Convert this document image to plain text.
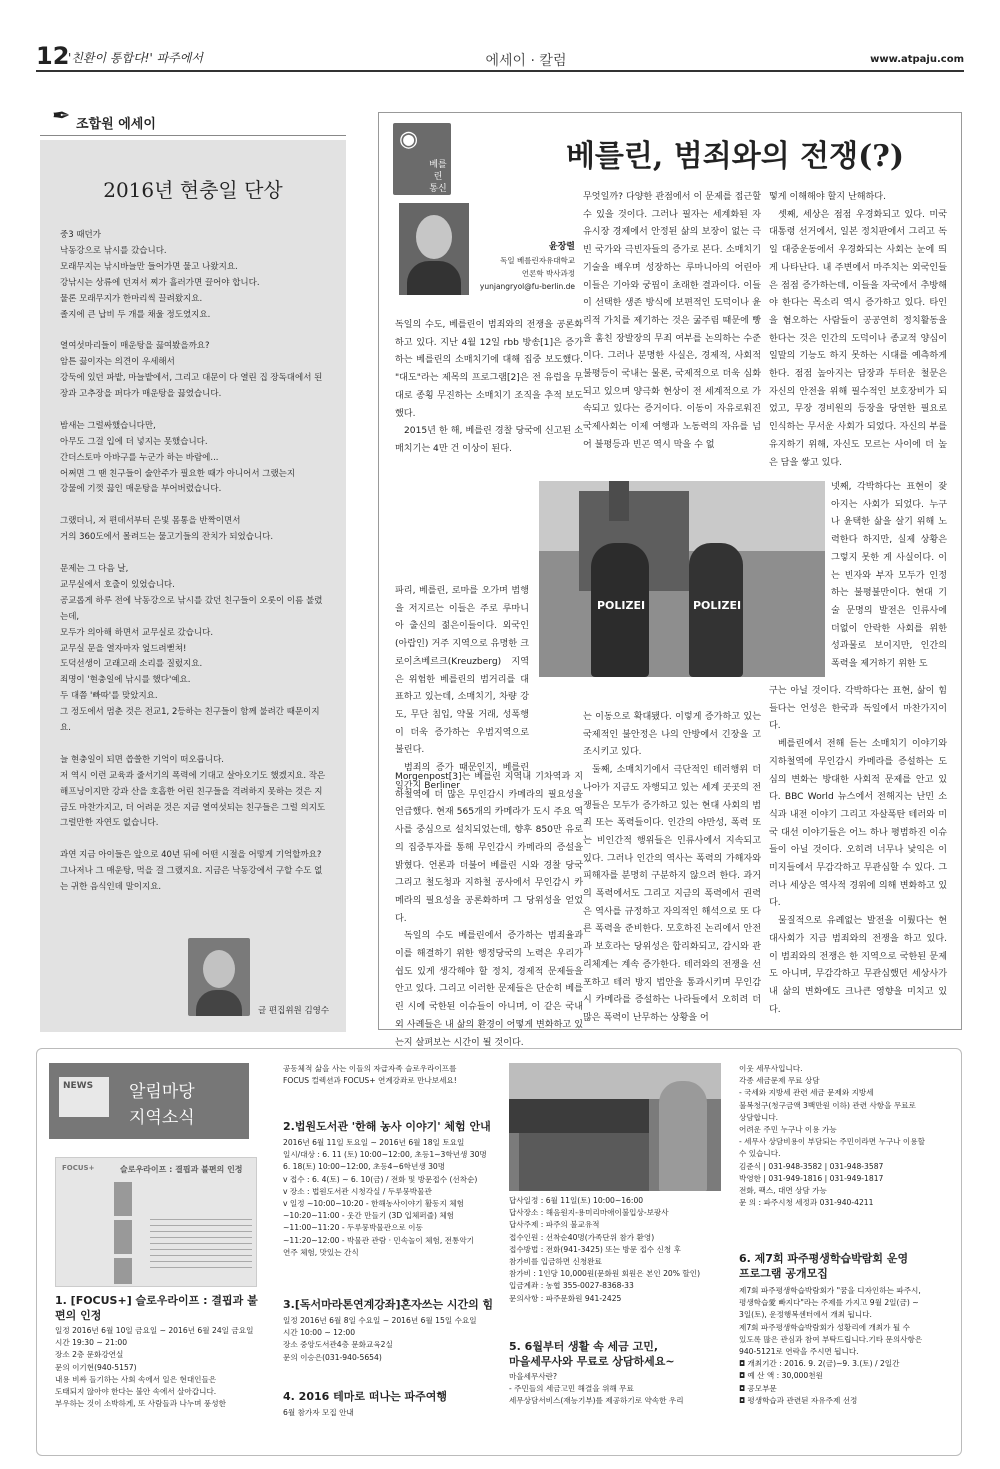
12
'친환이 통합다!' 파주에서	에세이 · 칼럼	www.atpaju.com
✒ 조합원 에세이
2016년 현충일 단상

중3 때던가
낙동강으로 낚시를 갔습니다.
모래무지는 낚시바늘만 들어가면 물고 나왔지요.
강낚시는 상류에 던져서 찌가 흘러가면 끌어야 합니다.
물론 모래무지가 한마리씩 끌려왔지요.
졸지에 큰 납비 두 개를 채울 정도였지요.

열여섯마리들이 매운탕을 끓여봤을까요?
암튼 끓이자는 의견이 우세해서
강둑에 있던 파밭, 마늘밭에서, 그리고 대문이 다 열린 집 장독대에서 된장과 고추장을 퍼다가 매운탕을 끓였습니다.

밤새는 그럴싸했습니다만,
아무도 그걸 입에 더 넣지는 못했습니다.
간더스토마 아바구를 누군가 하는 바람에...
어쩌면 그 땐 친구들이 술안주가 필요한 때가 아니어서 그랬는지
강물에 기껏 끓인 매운탕을 부어버렸습니다.

그랬더니, 저 편데서부터 은빛 몸통을 반짝이면서
거의 360도에서 몰려드는 물고기들의 잔치가 되었습니다.

문제는 그 다음 날,
교무실에서 호출이 있었습니다.
공교롭게 하루 전에 낙동강으로 낚시를 갔던 친구들이 오롯이 이름 불렸는데,
모두가 의아해 하면서 교무실로 갔습니다.
교무실 문을 열자마자 엎드려뻗쳐!
도덕선생이 고래고래 소리를 질렀지요.
죄명이 '현충일에 낚시를 했다'예요.
두 대쯤 '빠따'를 맞았지요.
그 정도에서 멈춘 것은 전교1, 2등하는 친구들이 함께 불려간 때문이지요.

늘 현충일이 되면 씁쓸한 기억이 떠오릅니다.
저 역시 이런 교육과 줄서기의 폭력에 기대고 살아오기도 했겠지요. 작은 해프닝이지만 강과 산을 호흡한 어린 친구들을 격려하지 못하는 것은 지금도 마찬가지고, 더 어려운 것은 지금 열여섯되는 친구들은 그럴 의지도 그럴만한 자연도 없습니다.

과연 지금 아이들은 앞으로 40년 뒤에 어떤 시절을 어떻게 기억할까요? 그나저나 그 매운탕, 먹을 걸 그랬지요. 지금은 낙동강에서 구할 수도 없는 귀한 음식인데 말이지요.

글 편집위원 김영수
◉
베를린
통신
베를린, 범죄와의 전쟁(?)
윤장렬
독일 베를린자유대학교
언론학 박사과정
yunjangryol@fu-berlin.de
독일의 수도, 베를린이 범죄와의 전쟁을 공론화하고 있다. 지난 4월 12일 rbb 방송[1]은 증가하는 베를린의 소매치기에 대해 집중 보도했다. "대도"라는 제목의 프로그램[2]은 전 유럽을 무대로 종횡 무진하는 소매치기 조직을 추적 보도했다.
2015년 한 해, 베를린 경찰 당국에 신고된 소매치기는 4만 건 이상이 된다.
파리, 베를린, 로마를 오가며 범행을 저지르는 이들은 주로 루마니아 출신의 젊은이들이다. 외국인(아랍인) 거주 지역으로 유명한 크로이츠베르크(Kreuzberg) 지역은 위험한 베를린의 범거리를 대표하고 있는데, 소매치기, 차량 강도, 무단 침입, 약물 거래, 성폭행이 더욱 증가하는 우범지역으로 불린다.
범죄의 증가 때문인지, 베를린 일간지 Berliner
Morgenpost[3]는 베를린 지역내 기차역과 지하철역에 더 많은 무인감시 카메라의 필요성을 언급했다. 현재 565개의 카메라가 도시 주요 역사를 중심으로 설치되었는데, 향후 850만 유로의 집중투자를 통해 무인감시 카메라의 증설을 밝혔다. 언론과 더불어 베를린 시와 경찰 당국 그리고 철도청과 지하철 공사에서 무인감시 카메라의 필요성을 공론화하며 그 당위성을 얻었다.
독일의 수도 베를린에서 증가하는 범죄율과 이를 해결하기 위한 행정당국의 노력은 우리가 쉽도 있게 생각해야 할 정치, 경제적 문제들을 안고 있다. 그리고 이러한 문제들은 단순히 베를린 시에 국한된 이슈들이 아니며, 이 같은 국내외 사례들은 내 삶의 환경이 어떻게 변화하고 있는지 살펴보는 시간이 될 것이다.
무엇일까? 다양한 관점에서 이 문제를 접근할 수 있을 것이다. 그러나 필자는 세계화된 자유시장 경제에서 안정된 삶의 보장이 없는 극빈 국가와 극빈자들의 증가로 본다. 소매치기 기술을 배우며 성장하는 루마니아의 어린아이들은 기아와 궁핍이 초래한 결과이다. 이들이 선택한 생존 방식에 보편적인 도덕이나 윤리적 가치를 제기하는 것은 굶주림 때문에 빵을 훔친 장발장의 무죄 여부를 논의하는 수준이다. 그러나 분명한 사실은, 경제적, 사회적 불평등이 국내는 물론, 국제적으로 더욱 심화되고 있으며 양극화 현상이 전 세계적으로 가속되고 있다는 증거이다. 이동이 자유로워진 국제사회는 이제 여행과 노동력의 자유를 넘어 불평등과 빈곤 역시 막을 수 없
는 이동으로 확대됐다. 이렇게 증가하고 있는 국제적인 불안정은 나의 안방에서 긴장을 고조시키고 있다.
둘째, 소매치기에서 극단적인 테러행위 더 나아가 지금도 자행되고 있는 세계 곳곳의 전쟁들은 모두가 증가하고 있는 현대 사회의 범죄 또는 폭력들이다. 인간의 야만성, 폭력 또는 비인간적 행위들은 인류사에서 지속되고 있다. 그러나 인간의 역사는 폭력의 가해자와 피해자를 분명히 구분하지 않으려 한다. 과거의 폭력에서도 그리고 지금의 폭력에서 권력은 역사를 규정하고 자의적인 해석으로 또 다른 폭력을 준비한다. 모호하진 논리에서 안전과 보호라는 당위성은 합리화되고, 감시와 관리체계는 계속 증가한다. 테러와의 전쟁을 선포하고 테러 방지 법안을 통과시키며 무인감시 카메라를 증설하는 나라들에서 오히려 더 많은 폭력이 난무하는 상황을 어
떻게 이해해야 할지 난해하다.
셋째, 세상은 점점 우경화되고 있다. 미국 대통령 선거에서, 일본 정치판에서 그리고 독일 대중운동에서 우경화되는 사회는 눈에 띄게 나타난다. 내 주변에서 마주치는 외국인들은 점점 증가하는데, 이들을 자국에서 추방해야 한다는 목소리 역시 증가하고 있다. 타인을 혐오하는 사람들이 공공연히 정치활동을 한다는 것은 인간의 도덕이나 종교적 양심이 일말의 기능도 하지 못하는 시대를 예측하게 한다. 점점 높아지는 담장과 두터운 철문은 자신의 안전을 위해 필수적인 보호장비가 되었고, 무장 경비원의 등장을 당연한 필요로 인식하는 무서운 사회가 되었다. 자신의 부를 유지하기 위해, 자신도 모르는 사이에 더 높은 담을 쌓고 있다.
넷째, 각박하다는 표현이 잦아지는 사회가 되었다. 누구나 윤택한 삶을 살기 위해 노력한다 하지만, 실제 상황은 그렇지 못한 게 사실이다. 이는 빈자와 부자 모두가 인정하는 불평불만이다. 현대 기술 문명의 발전은 인류사에 더없이 안락한 사회를 위한 성과물로 보이지만, 인간의 폭력을 제거하기 위한 도
구는 아닐 것이다. 각박하다는 표현, 삶이 힘들다는 언성은 한국과 독일에서 마찬가지이다.
베를린에서 전해 듣는 소매치기 이야기와 지하철역에 무인감시 카메라를 증설하는 도심의 변화는 방대한 사회적 문제를 안고 있다. BBC World 뉴스에서 전해지는 난민 소식과 내전 이야기 그리고 자살폭탄 테러와 미국 대선 이야기들은 어느 하나 평범하진 이슈들이 아닐 것이다. 오히려 너무나 낯익은 이미지들에서 무감각하고 무관심할 수 있다. 그러나 세상은 역사적 경위에 의해 변화하고 있다.
물질적으로 유례없는 발전을 이뤘다는 현대사회가 지금 범죄와의 전쟁을 하고 있다. 이 범죄와의 전쟁은 한 지역으로 국한된 문제도 아니며, 무감각하고 무관심했던 세상사가 내 삶의 변화에도 크나큰 영향을 미치고 있다.
POLIZEI	POLIZEI
NEWS	알림마당
지역소식
FOCUS+	슬로우라이프 : 결핍과 불편의 인정
1. [FOCUS+] 슬로우라이프 : 결핍과 불편의 인정
일정 2016년 6월 10일 금요일 ~ 2016년 6월 24일 금요일
시간 19:30 ~ 21:00
장소 2층 문화강연실
문의 이기현(940-5157)
내용 비싸 들기하는 사회 속에서 일은 현대인들은
도태되지 않아야 한다는 불안 속에서 살아갑니다.
부우하는 것이 소박하게, 또 사람들과 나누며 풍성한
공동체적 삶을 사는 이들의 자급자족 슬로우라이프를
FOCUS 컬렉션과 FOCUS+ 연계강좌로 만나보세요!
2.법원도서관 '한해 농사 이야기' 체험 안내
2016년 6월 11일 토요일 ~ 2016년 6월 18일 토요일
일시/대상 : 6. 11 (토) 10:00~12:00, 초등1~3학년생 30명
6. 18(토) 10:00~12:00, 초등4~6학년생 30명
v 접수 : 6. 4(토) ~ 6. 10(금) / 전화 및 방문접수 (선착순)
v 장소 : 법원도서관 시청각실 / 두루뭉박물관
v 일정 ~10:00~10:20 - 한해농사이야기 활동지 체험
~10:20~11:00 - 웃간 만들기 (3D 입체퍼즐) 체험
~11:00~11:20 - 두루뭉박물관으로 이동
~11:20~12:00 - 박물관 관람 · 민속놀이 체험, 전통악기
연주 체험, 맛있는 간식
3.[독서마라톤연계강좌]혼자쓰는 시간의 힘
일정 2016년 6월 8일 수요일 ~ 2016년 6월 15일 수요일
시간 10:00 ~ 12:00
장소 중앙도서관4층 문화교육2실
문의 이승은(031-940-5654)
4. 2016 테마로 떠나는 파주여행
6월 참가자 모집 안내
답사일정 : 6월 11일(토) 10:00~16:00
답사장소 : 해음원지-용미리마애이불입상-보광사
답사주제 : 파주의 불교유적
접수인원 : 선착순40명(가족단위 참가 환영)
접수방법 : 전화(941-3425) 또는 방문 접수 신청 후
참가비를 입금하면 신청완료
참가비 : 1인당 10,000원(문화원 회원은 본인 20% 할인)
입금계좌 : 농협 355-0027-8368-33
문의사항 : 파주문화원 941-2425
5. 6월부터 생활 속 세금 고민,
마을세무사와 무료로 상담하세요~
마을세무사란?
- 주민들의 세금고민 해결을 위해 무료
세무상담서비스(재능기부)를 제공하기로 약속한 우리
이웃 세무사입니다.
각종 세금문제 무료 상담
- 국세와 지방세 관련 세금 문제와 지방세
불복청구(청구금액 3백만원 이하) 관련 사항을 무료로
상담합니다.
어려운 주민 누구나 이용 가능
- 세무사 상담비용이 부담되는 주민이라면 누구나 이용할
수 있습니다.
김준식 | 031-948-3582 | 031-948-3587
박영한 | 031-949-1816 | 031-949-1817
전화, 팩스, 대면 상담 가능
문 의 : 파주시청 세정과 031-940-4211
6. 제7회 파주평생학습박람회 운영
프로그램 공개모집
제7회 파주평생학습박람회가 "꿈을 디자인하는 파주시,
평생학습愛 빠지다"라는 주제를 가지고 9월 2일(금) ~
3일(토), 운정행복센터에서 개최 됩니다.
제7회 파주평생학습박람회가 성황리에 개최가 될 수
있도록 많은 관심과 참여 부탁드립니다.기타 문의사항은
940-5121로 연락을 주시면 됩니다.
◘ 개최기간 : 2016. 9. 2(금)~9. 3.(토) / 2일간
◘ 예 산 액 : 30,000천원
◘ 공모부문
◘ 평생학습과 관련된 자유주제 선정
